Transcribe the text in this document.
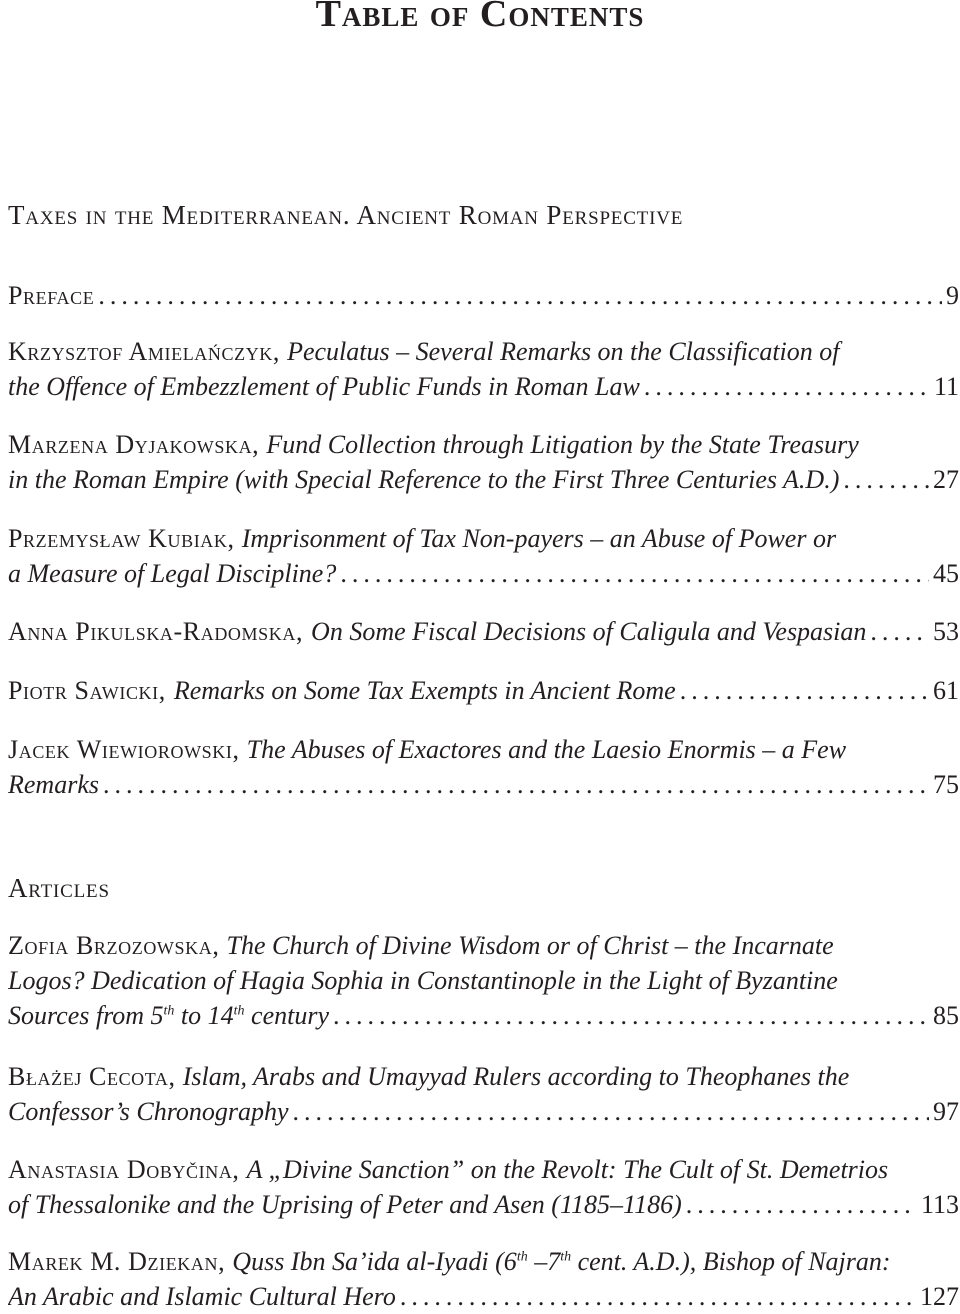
Table of Contents
Taxes in the Mediterranean. Ancient Roman Perspective
Preface .....	9
Krzysztof Amielańczyk, Peculatus – Several Remarks on the Classification of
the Offence of Embezzlement of Public Funds in Roman Law .....	11
Marzena Dyjakowska, Fund Collection through Litigation by the State Treasury
in the Roman Empire (with Special Reference to the First Three Centuries A.D.) .....	27
Przemysław Kubiak, Imprisonment of Tax Non-payers – an Abuse of Power or
a Measure of Legal Discipline? .....	45
Anna Pikulska-Radomska, On Some Fiscal Decisions of Caligula and Vespasian .....	53
Piotr Sawicki, Remarks on Some Tax Exempts in Ancient Rome .....	61
Jacek Wiewiorowski, The Abuses of Exactores and the Laesio Enormis – a Few
Remarks .....	75
Articles
Zofia Brzozowska, The Church of Divine Wisdom or of Christ – the Incarnate
Logos? Dedication of Hagia Sophia in Constantinople in the Light of Byzantine
Sources from 5th to 14th century .....	85
Błażej Cecota, Islam, Arabs and Umayyad Rulers according to Theophanes the
Confessor’s Chronography .....	97
Anastasia Dobyčina, A „Divine Sanction” on the Revolt: The Cult of St. Demetrios
of Thessalonike and the Uprising of Peter and Asen (1185–1186) .....	113
Marek M. Dziekan, Quss Ibn Sa’ida al-Iyadi (6th –7th cent. A.D.), Bishop of Najran:
An Arabic and Islamic Cultural Hero .....	127
